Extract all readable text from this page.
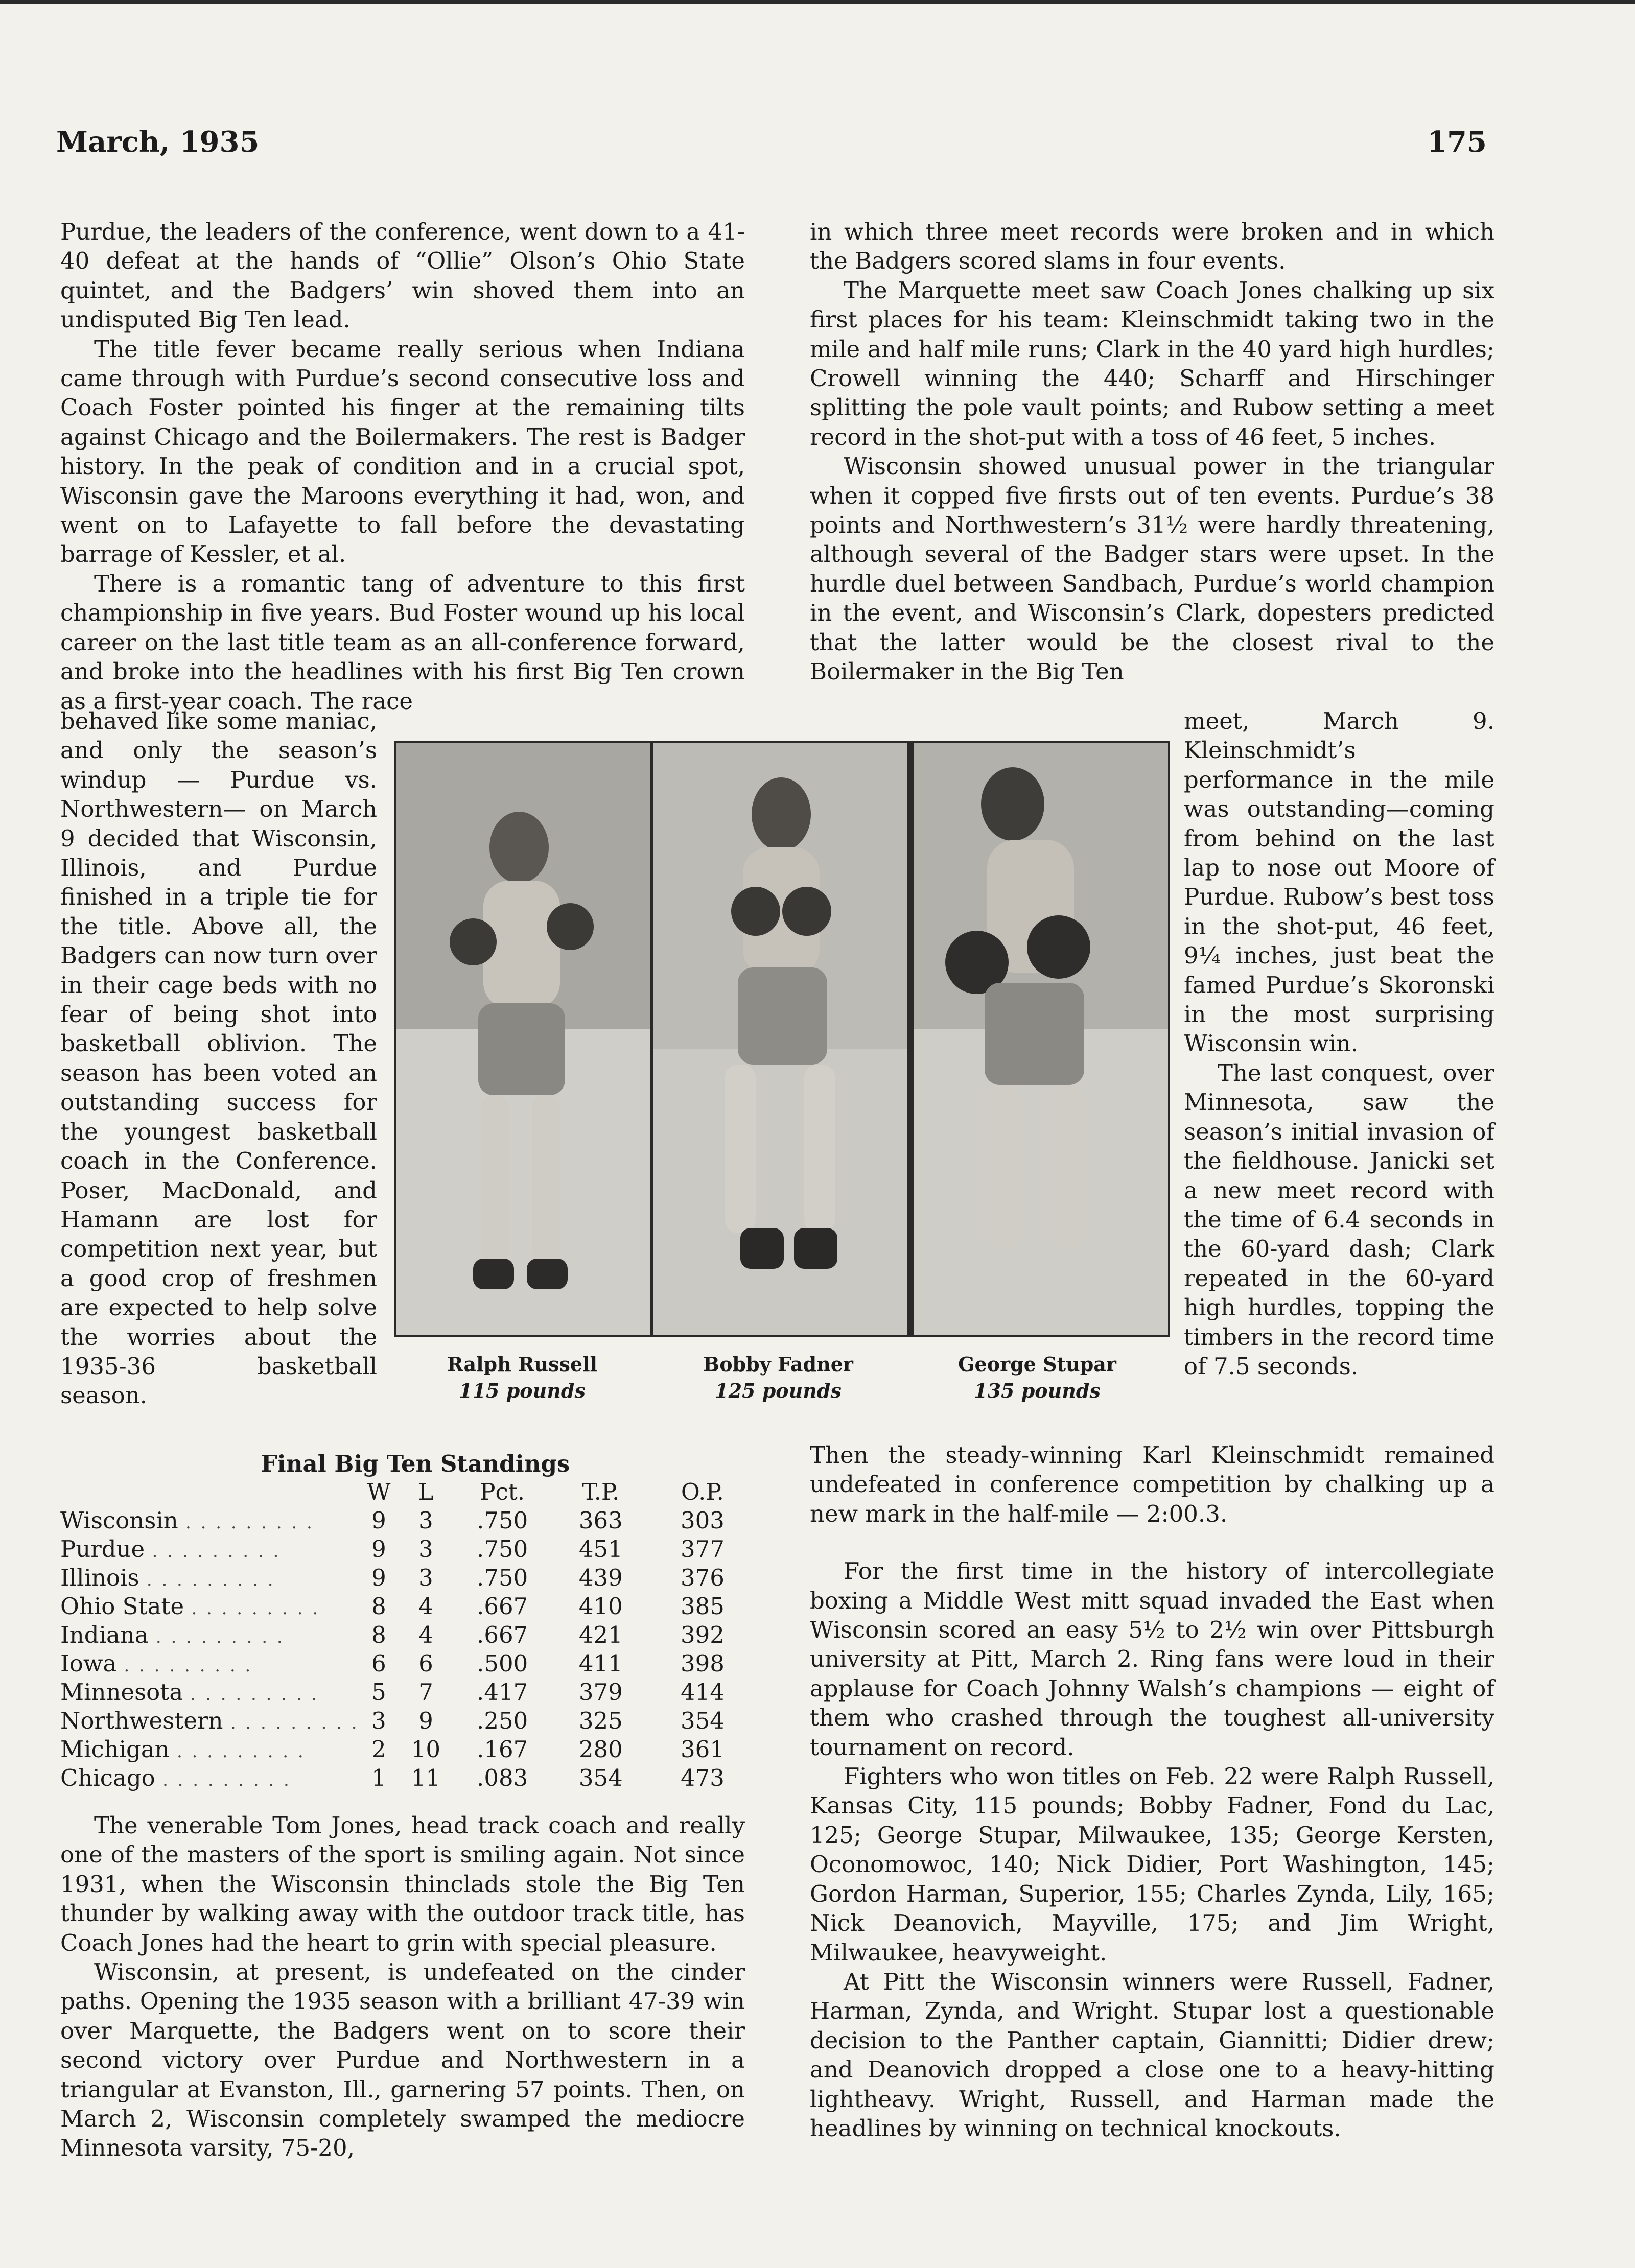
March, 1935	175

Purdue, the leaders of the conference, went down to a 41-40 defeat at the hands of “Ollie” Olson’s Ohio State quintet, and the Badgers’ win shoved them into an undisputed Big Ten lead.

The title fever became really serious when Indiana came through with Purdue’s second consecutive loss and Coach Foster pointed his finger at the remaining tilts against Chicago and the Boilermakers. The rest is Badger history. In the peak of condition and in a crucial spot, Wisconsin gave the Maroons everything it had, won, and went on to Lafayette to fall before the devastating barrage of Kessler, et al.

There is a romantic tang of adventure to this first championship in five years. Bud Foster wound up his local career on the last title team as an all-conference forward, and broke into the headlines with his first Big Ten crown as a first-year coach. The race

behaved like some maniac, and only the season’s windup — Purdue vs. Northwestern— on March 9 decided that Wisconsin, Illinois, and Purdue finished in a triple tie for the title. Above all, the Badgers can now turn over in their cage beds with no fear of being shot into basketball oblivion. The season has been voted an outstanding success for the youngest basketball coach in the Conference. Poser, MacDonald, and Hamann are lost for competition next year, but a good crop of freshmen are expected to help solve the worries about the 1935-36 basketball season.

Ralph Russell
115 pounds
Bobby Fadner
125 pounds
George Stupar
135 pounds
Final Big Ten Standings
	W	L	Pct.	T.P.	O.P.
Wisconsin . . . . . . . . .	9	3	.750	363	303
Purdue . . . . . . . . .	9	3	.750	451	377
Illinois . . . . . . . . .	9	3	.750	439	376
Ohio State . . . . . . . . .	8	4	.667	410	385
Indiana . . . . . . . . .	8	4	.667	421	392
Iowa . . . . . . . . .	6	6	.500	411	398
Minnesota . . . . . . . . .	5	7	.417	379	414
Northwestern . . . . . . . . .	3	9	.250	325	354
Michigan . . . . . . . . .	2	10	.167	280	361
Chicago . . . . . . . . .	1	11	.083	354	473

The venerable Tom Jones, head track coach and really one of the masters of the sport is smiling again. Not since 1931, when the Wisconsin thinclads stole the Big Ten thunder by walking away with the outdoor track title, has Coach Jones had the heart to grin with special pleasure.

Wisconsin, at present, is undefeated on the cinder paths. Opening the 1935 season with a brilliant 47-39 win over Marquette, the Badgers went on to score their second victory over Purdue and Northwestern in a triangular at Evanston, Ill., garnering 57 points. Then, on March 2, Wisconsin completely swamped the mediocre Minnesota varsity, 75-20,

in which three meet records were broken and in which the Badgers scored slams in four events.

The Marquette meet saw Coach Jones chalking up six first places for his team: Kleinschmidt taking two in the mile and half mile runs; Clark in the 40 yard high hurdles; Crowell winning the 440; Scharff and Hirschinger splitting the pole vault points; and Rubow setting a meet record in the shot-put with a toss of 46 feet, 5 inches.

Wisconsin showed unusual power in the triangular when it copped five firsts out of ten events. Purdue’s 38 points and Northwestern’s 31½ were hardly threatening, although several of the Badger stars were upset. In the hurdle duel between Sandbach, Purdue’s world champion in the event, and Wisconsin’s Clark, dopesters predicted that the latter would be the closest rival to the Boilermaker in the Big Ten

meet, March 9. Kleinschmidt’s performance in the mile was outstanding—coming from behind on the last lap to nose out Moore of Purdue. Rubow’s best toss in the shot-put, 46 feet, 9¼ inches, just beat the famed Purdue’s Skoronski in the most surprising Wisconsin win.

The last conquest, over Minnesota, saw the season’s initial invasion of the fieldhouse. Janicki set a new meet record with the time of 6.4 seconds in the 60-yard dash; Clark repeated in the 60-yard high hurdles, topping the timbers in the record time of 7.5 seconds.

Then the steady-winning Karl Kleinschmidt remained undefeated in conference competition by chalking up a new mark in the half-mile — 2:00.3.

For the first time in the history of intercollegiate boxing a Middle West mitt squad invaded the East when Wisconsin scored an easy 5½ to 2½ win over Pittsburgh university at Pitt, March 2. Ring fans were loud in their applause for Coach Johnny Walsh’s champions — eight of them who crashed through the toughest all-university tournament on record.

Fighters who won titles on Feb. 22 were Ralph Russell, Kansas City, 115 pounds; Bobby Fadner, Fond du Lac, 125; George Stupar, Milwaukee, 135; George Kersten, Oconomowoc, 140; Nick Didier, Port Washington, 145; Gordon Harman, Superior, 155; Charles Zynda, Lily, 165; Nick Deanovich, Mayville, 175; and Jim Wright, Milwaukee, heavyweight.

At Pitt the Wisconsin winners were Russell, Fadner, Harman, Zynda, and Wright. Stupar lost a questionable decision to the Panther captain, Giannitti; Didier drew; and Deanovich dropped a close one to a heavy-hitting lightheavy. Wright, Russell, and Harman made the headlines by winning on technical knockouts.
